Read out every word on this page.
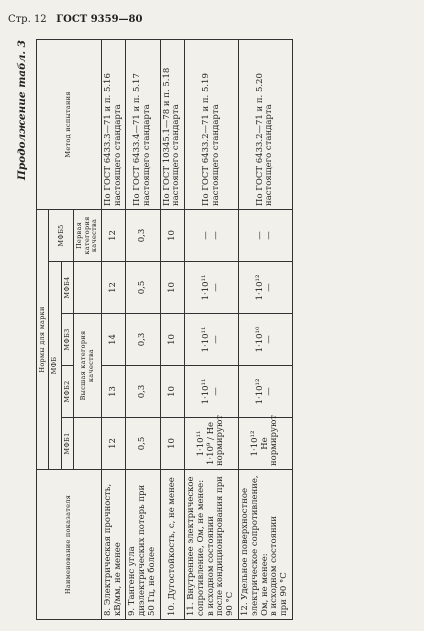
Стр. 12 ГОСТ 9359—80
Продолжение табл. 3
Наименование показателя	Нормы для марки					Метод испытания
	МФБ				МФБ5	
	МФБ1	МФБ2	МФБ3	МФБ4		
		Высшая категория качества			Первая категория качества	
8. Электрическая прочность, кВ/мм, не менее	12	13	14	12	12	По ГОСТ 6433.3—71 и п. 5.16 настоящего стандарта
9. Тангенс угла диэлектрических потерь при 50 Гц, не более	0,5	0,3	0,3	0,5	0,3	По ГОСТ 6433.4—71 и п. 5.17 настоящего стандарта
10. Дугостойкость, с, не менее	10	10	10	10	10	По ГОСТ 10345.1—78 и п. 5.18 настоящего стандарта
11. Внутреннее электрическое сопротивление, Ом, не менее: в исходном состоянии после кондиционирования при 90 °С	1·10¹¹ 1·10⁹ / Не нормируют	1·10¹¹ —	1·10¹¹ —	1·10¹¹ —	— —	По ГОСТ 6433.2—71 и п. 5.19 настоящего стандарта
12. Удельное поверхностное электрическое сопротивление, Ом, не менее: в исходном состоянии при 90 °С	1·10¹² Не нормируют	1·10¹² —	1·10¹⁰ —	1·10¹² —	— —	По ГОСТ 6433.2—71 и п. 5.20 настоящего стандарта
